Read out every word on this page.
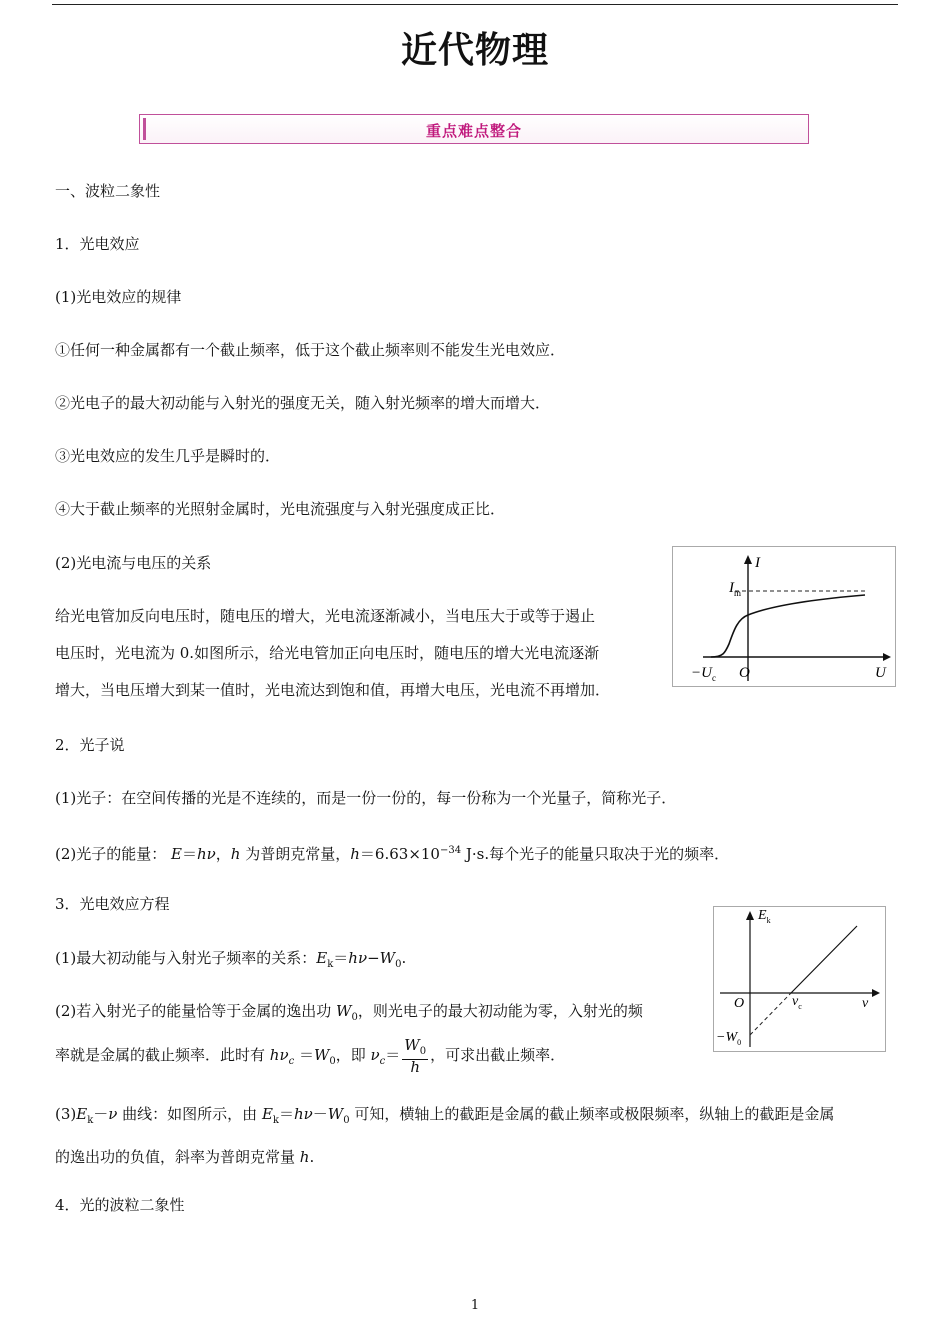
近代物理
重点难点整合
一、波粒二象性
1．光电效应
(1)光电效应的规律
①任何一种金属都有一个截止频率，低于这个截止频率则不能发生光电效应．
②光电子的最大初动能与入射光的强度无关，随入射光频率的增大而增大．
③光电效应的发生几乎是瞬时的．
④大于截止频率的光照射金属时，光电流强度与入射光强度成正比．
(2)光电流与电压的关系
给光电管加反向电压时，随电压的增大，光电流逐渐减小，当电压大于或等于遏止
电压时，光电流为 0.如图所示，给光电管加正向电压时，随电压的增大光电流逐渐
增大，当电压增大到某一值时，光电流达到饱和值，再增大电压，光电流不再增加．
I
$I_m$
$-U_c$ O	U
2．光子说
(1)光子：在空间传播的光是不连续的，而是一份一份的，每一份称为一个光量子，简称光子．
(2)光子的能量： E＝hν，h 为普朗克常量，$h=6.63\times 10^{-34}$ J·s.每个光子的能量只取决于光的频率．
3．光电效应方程
(1)最大初动能与入射光子频率的关系：$E_k=h\nu-W_0$.
(2)若入射光子的能量恰等于金属的逸出功 $W_0$，则光电子的最大初动能为零，入射光的频
率就是金属的截止频率．此时有 $h\nu_c =W_0$，即 $\nu_c= \frac{W_0}{h}$ ，可求出截止频率．
$E_k$
O	$\nu_c$	ν
$-W_0$
$(3)E_k-\nu$ 曲线：如图所示，由 $E_k=h\nu-W_0$ 可知，横轴上的截距是金属的截止频率或极限频率，纵轴上的截距是金属
的逸出功的负值，斜率为普朗克常量 h.
4．光的波粒二象性
1
